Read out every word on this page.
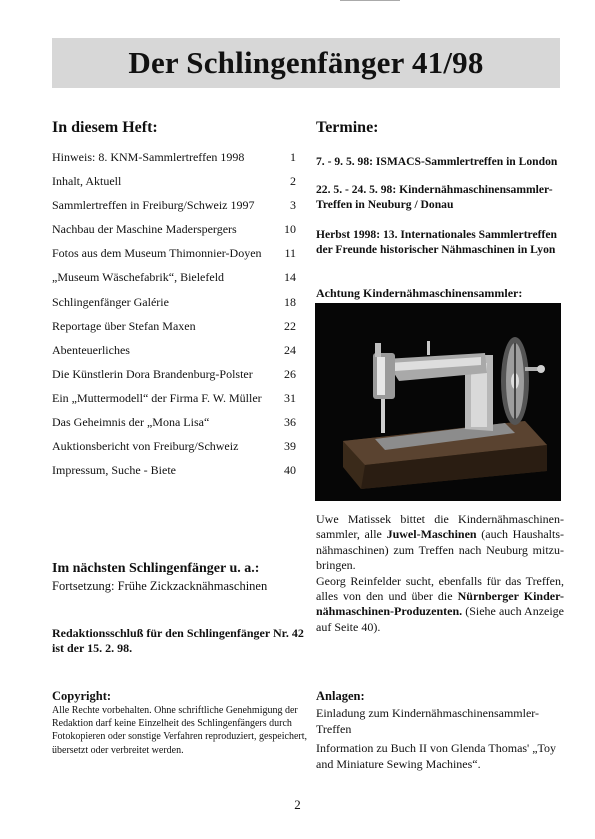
Der Schlingenfänger 41/98
In diesem Heft:	Termine:
Hinweis: 8. KNM-Sammlertreffen 1998	1
Inhalt, Aktuell	2
Sammlertreffen in Freiburg/Schweiz 1997	3
Nachbau der Maschine Maderspergers	10
Fotos aus dem Museum Thimonnier-Doyen 11
„Museum Wäschefabrik“, Bielefeld	14
Schlingenfänger Galérie	18
Reportage über Stefan Maxen	22
Abenteuerliches	24
Die Künstlerin Dora Brandenburg-Polster	26
Ein „Muttermodell“ der Firma F. W. Müller 31
Das Geheimnis der „Mona Lisa“	36
Auktionsbericht von Freiburg/Schweiz	39
Impressum, Suche - Biete	40
7. - 9. 5. 98: ISMACS-Sammlertreffen in London
22. 5. - 24. 5. 98: Kindernähmaschinensammler-Treffen in Neuburg / Donau
Herbst 1998: 13. Internationales Sammlertreffen der Freunde historischer Nähmaschinen in Lyon
Achtung Kindernähmaschinensammler:

Uwe Matissek bittet die Kindernähmaschinen-sammler, alle Juwel-Maschinen (auch Haushalts-nähmaschinen) zum Treffen nach Neuburg mitzu-bringen.

Georg Reinfelder sucht, ebenfalls für das Treffen, alles von den und über die Nürnberger Kinder-nähmaschinen-Produzenten. (Siehe auch Anzeige auf Seite 40).

Im nächsten Schlingenfänger u. a.:
Fortsetzung: Frühe Zickzacknähmaschinen
Redaktionsschluß für den Schlingenfänger Nr. 42 ist der 15. 2. 98.
Copyright:
Alle Rechte vorbehalten. Ohne schriftliche Genehmigung der Redaktion darf keine Einzelheit des Schlingenfängers durch Fotokopieren oder sonstige Verfahren reproduziert, gespeichert, übersetzt oder verbreitet werden.
Anlagen:

Einladung zum Kindernähmaschinensammler-Treffen

Information zu Buch II von Glenda Thomas' „Toy and Miniature Sewing Machines“.

2
